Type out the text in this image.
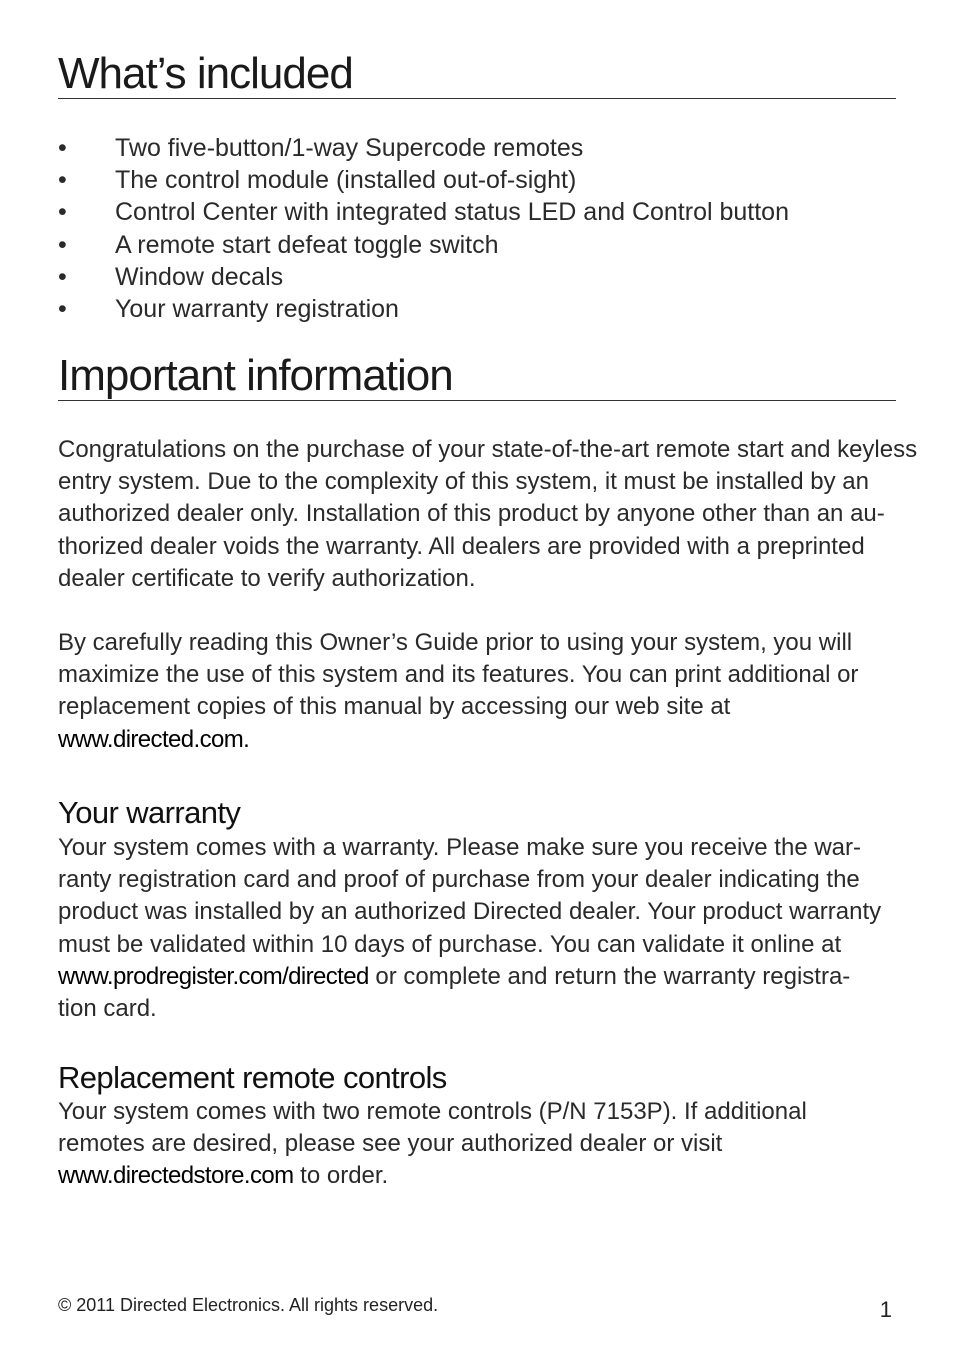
What’s included
•	Two five-button/1-way Supercode remotes
•	The control module (installed out-of-sight)
•	Control Center with integrated status LED and Control button
•	A remote start defeat toggle switch
•	Window decals
•	Your warranty registration
Important information

Congratulations on the purchase of your state-of-the-art remote start and keyless
entry system. Due to the complexity of this system, it must be installed by an
authorized dealer only. Installation of this product by anyone other than an au-
thorized dealer voids the warranty. All dealers are provided with a preprinted
dealer certificate to verify authorization.

By carefully reading this Owner’s Guide prior to using your system, you will
maximize the use of this system and its features. You can print additional or
replacement copies of this manual by accessing our web site at
www.directed.com.

Your warranty

Your system comes with a warranty. Please make sure you receive the war-
ranty registration card and proof of purchase from your dealer indicating the
product was installed by an authorized Directed dealer. Your product warranty
must be validated within 10 days of purchase. You can validate it online at
www.prodregister.com/directed or complete and return the warranty registra-
tion card.

Replacement remote controls

Your system comes with two remote controls (P/N 7153P). If additional
remotes are desired, please see your authorized dealer or visit
www.directedstore.com to order.

© 2011 Directed Electronics. All rights reserved.	1
